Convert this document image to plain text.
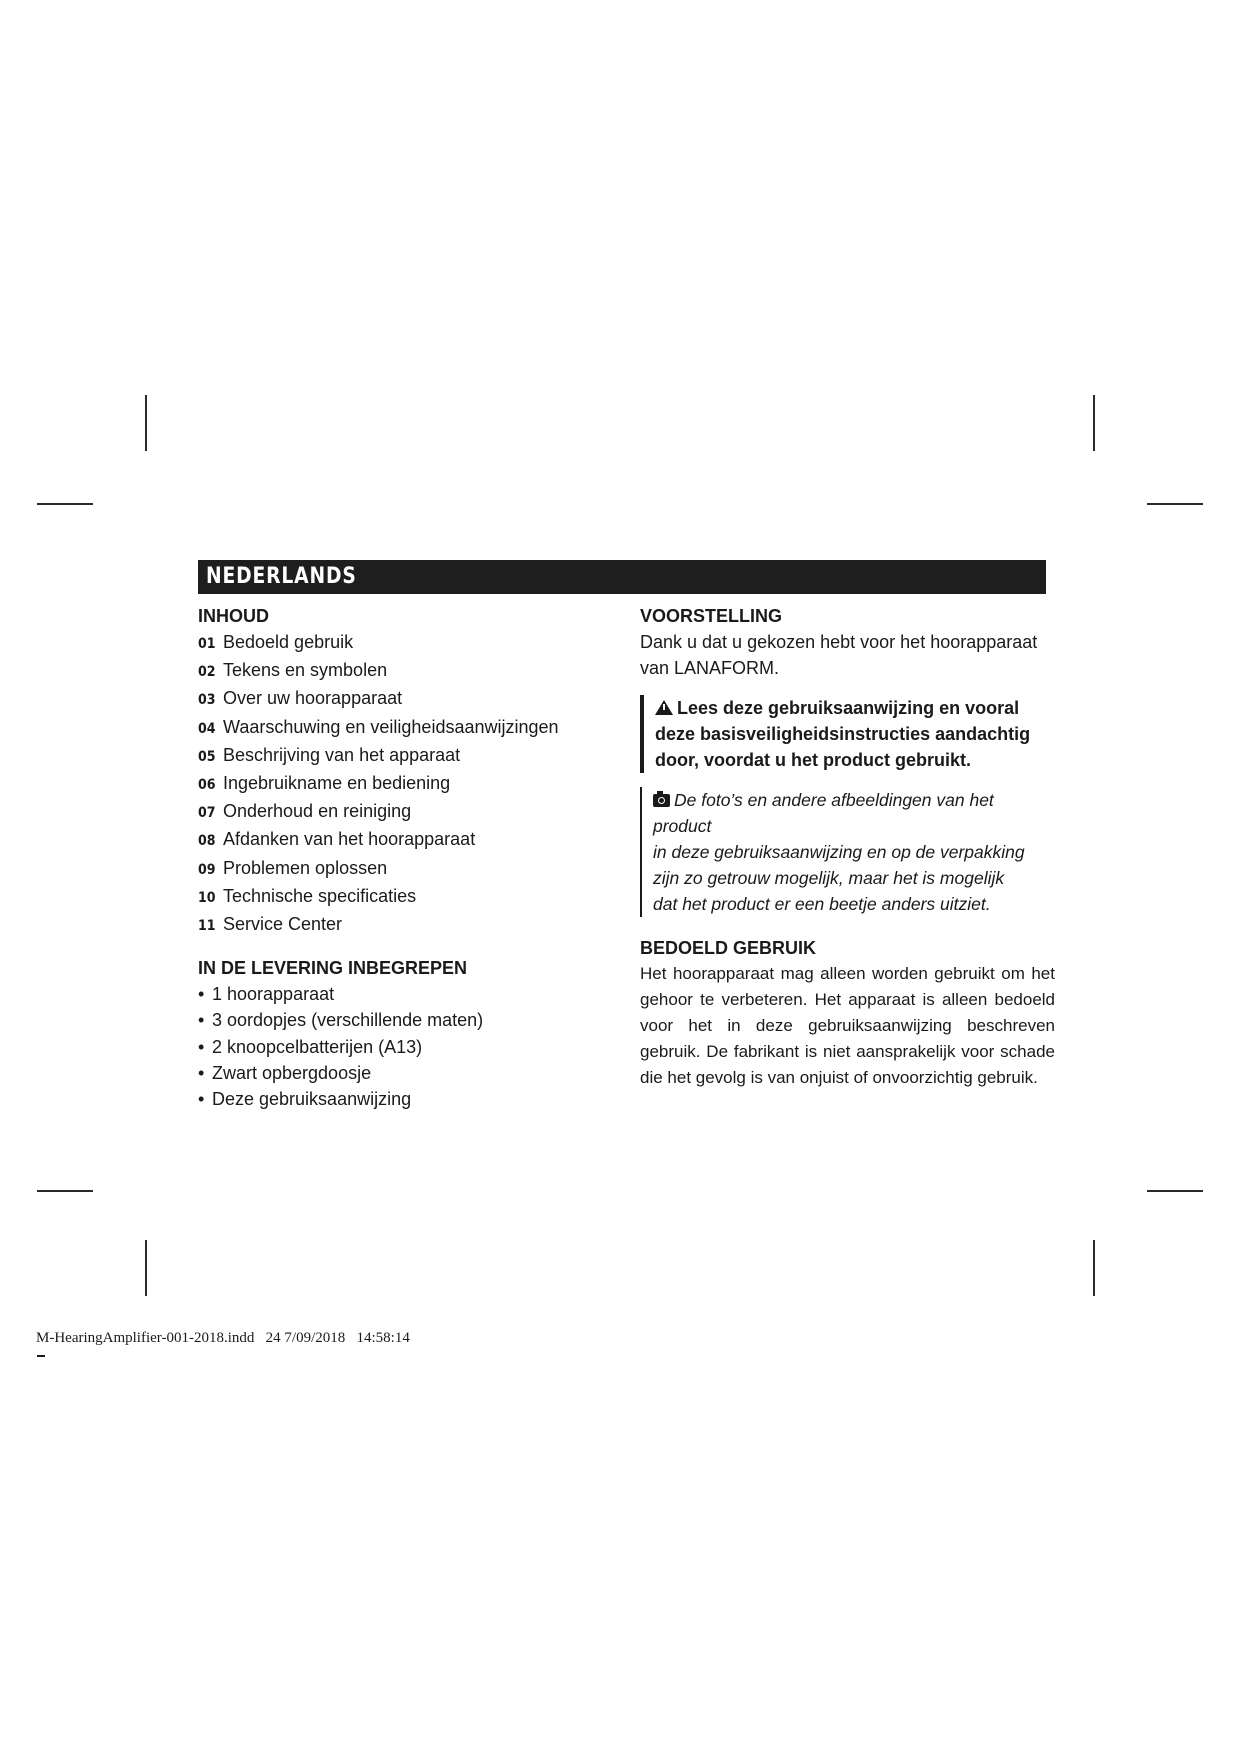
NEDERLANDS

INHOUD

01 Bedoeld gebruik
02 Tekens en symbolen
03 Over uw hoorapparaat
04 Waarschuwing en veiligheidsaanwijzingen
05 Beschrijving van het apparaat
06 Ingebruikname en bediening
07 Onderhoud en reiniging
08 Afdanken van het hoorapparaat
09 Problemen oplossen
10 Technische specificaties
11 Service Center

IN DE LEVERING INBEGREPEN

• 1 hoorapparaat
• 3 oordopjes (verschillende maten)
• 2 knoopcelbatterijen (A13)
• Zwart opbergdoosje
• Deze gebruiksaanwijzing

VOORSTELLING

Dank u dat u gekozen hebt voor het hoorapparaat

van LANAFORM.

Lees deze gebruiksaanwijzing en vooral

deze basisveiligheidsinstructies aandachtig

door, voordat u het product gebruikt.

De foto’s en andere afbeeldingen van het product

in deze gebruiksaanwijzing en op de verpakking

zijn zo getrouw mogelijk, maar het is mogelijk

dat het product er een beetje anders uitziet.

BEDOELD GEBRUIK

Het hoorapparaat mag alleen worden gebruikt om het gehoor te verbeteren. Het apparaat is alleen bedoeld voor het in deze gebruiksaanwijzing beschreven gebruik. De fabrikant is niet aansprakelijk voor schade die het gevolg is van onjuist of onvoorzichtig gebruik.

M-HearingAmplifier-001-2018.indd 24 7/09/2018 14:58:14
